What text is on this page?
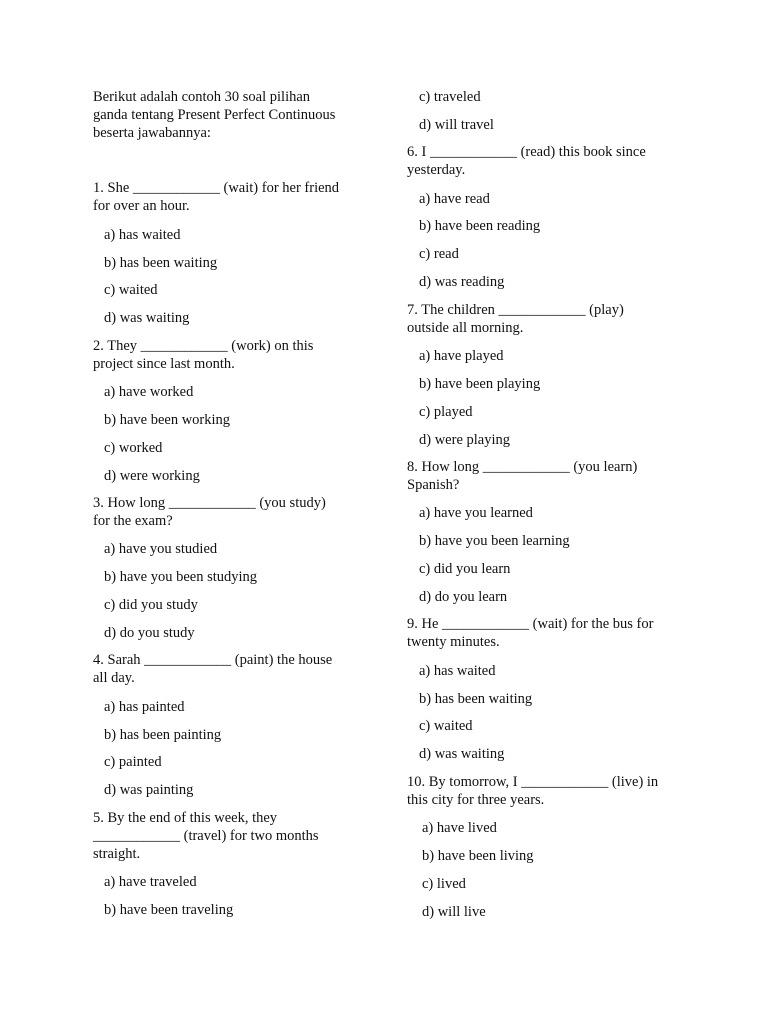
Berikut adalah contoh 30 soal pilihan

ganda tentang Present Perfect Continuous

beserta jawabannya:

1. She ____________ (wait) for her friend

for over an hour.

a) has waited
b) has been waiting
c) waited
d) was waiting

2. They ____________ (work) on this

project since last month.

a) have worked
b) have been working
c) worked
d) were working

3. How long ____________ (you study)

for the exam?

a) have you studied
b) have you been studying
c) did you study
d) do you study

4. Sarah ____________ (paint) the house

all day.

a) has painted
b) has been painting
c) painted
d) was painting

5. By the end of this week, they

____________ (travel) for two months

straight.

a) have traveled
b) have been traveling
c) traveled
d) will travel

6. I ____________ (read) this book since

yesterday.

a) have read
b) have been reading
c) read
d) was reading

7. The children ____________ (play)

outside all morning.

a) have played
b) have been playing
c) played
d) were playing

8. How long ____________ (you learn)

Spanish?

a) have you learned
b) have you been learning
c) did you learn
d) do you learn

9. He ____________ (wait) for the bus for

twenty minutes.

a) has waited
b) has been waiting
c) waited
d) was waiting

10. By tomorrow, I ____________ (live) in

this city for three years.

a) have lived
b) have been living
c) lived
d) will live
